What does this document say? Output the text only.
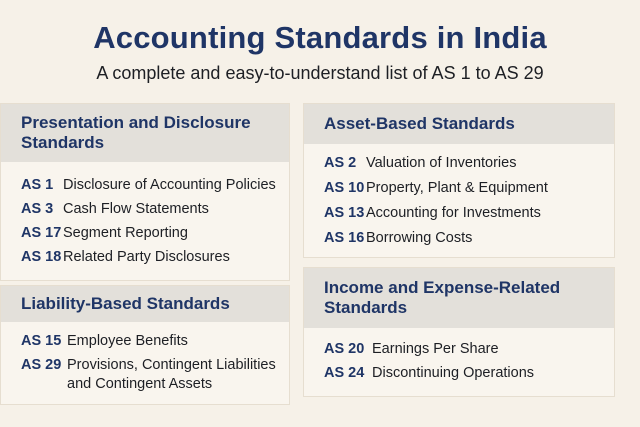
Accounting Standards in India
A complete and easy-to-understand list of AS 1 to AS 29
Presentation and Disclosure Standards
AS 1 Disclosure of Accounting Policies
AS 3 Cash Flow Statements
AS 17 Segment Reporting
AS 18 Related Party Disclosures
Asset-Based Standards
AS 2 Valuation of Inventories
AS 10 Property, Plant & Equipment
AS 13 Accounting for Investments
AS 16 Borrowing Costs
Liability-Based Standards
AS 15 Employee Benefits
AS 29 Provisions, Contingent Liabilities and Contingent Assets
Income and Expense-Related Standards
AS 20 Earnings Per Share
AS 24 Discontinuing Operations
